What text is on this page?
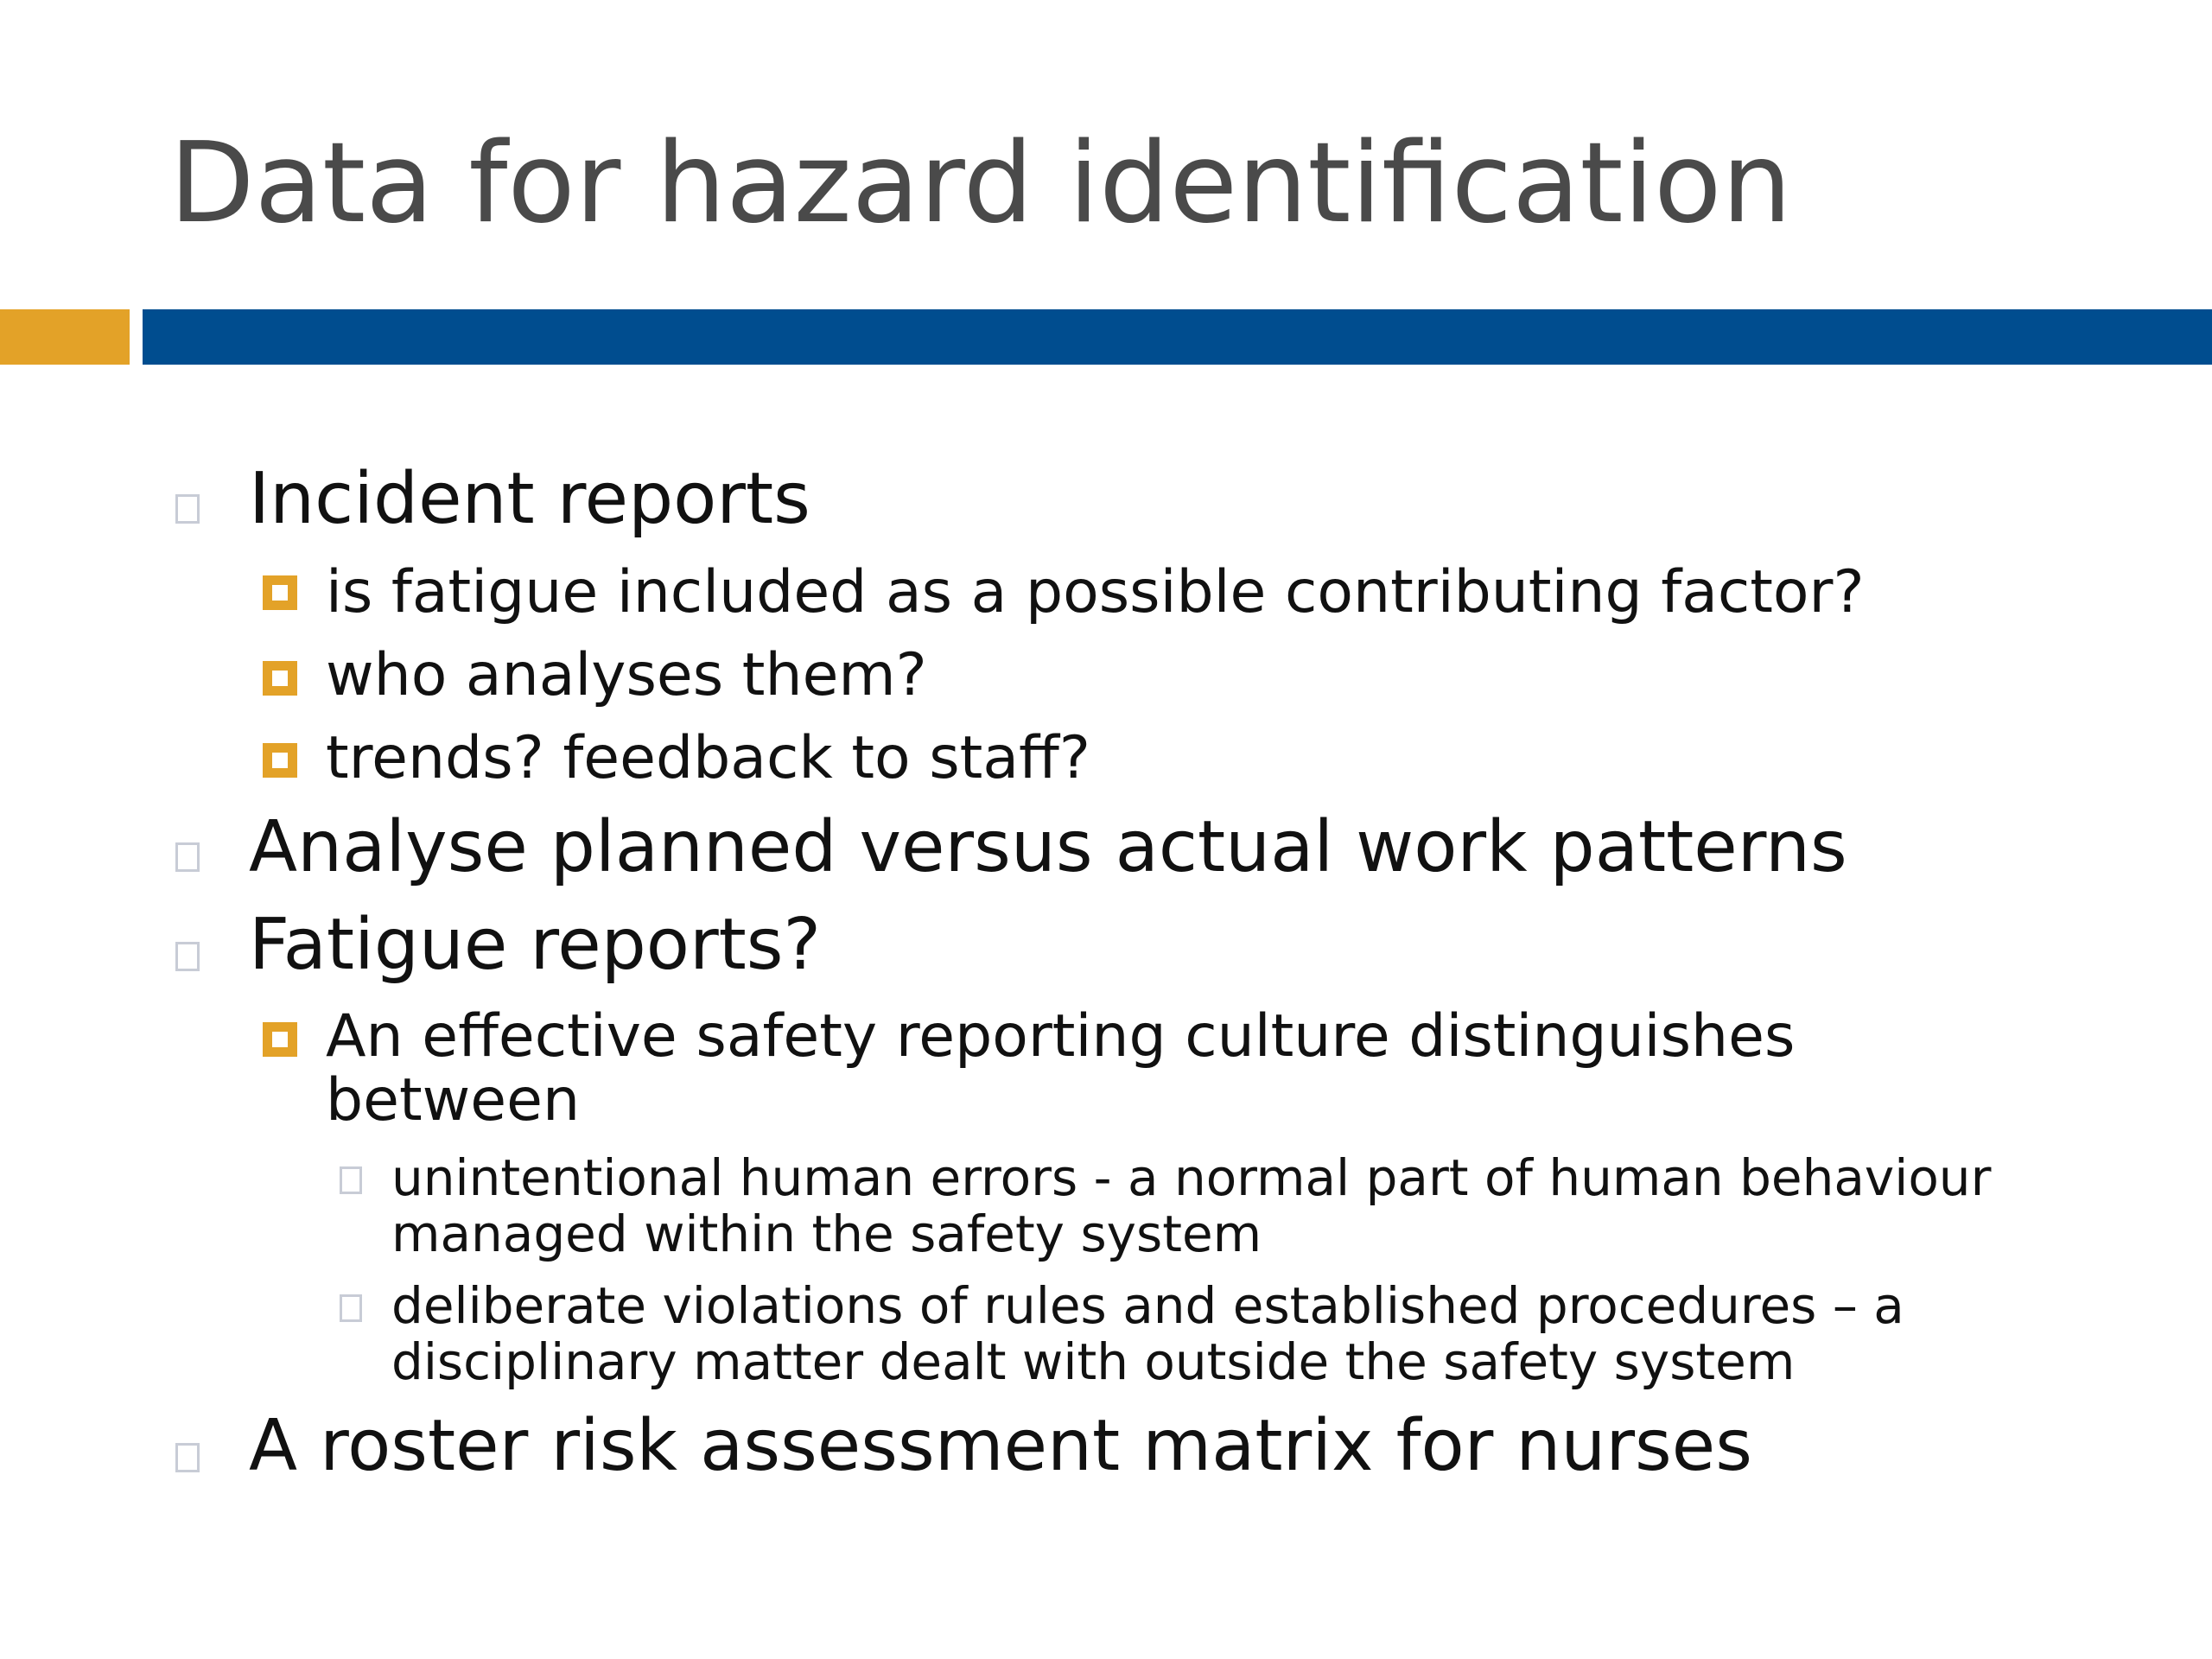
Data for hazard identification

Incident reports

is fatigue included as a possible contributing factor?

who analyses them?

trends? feedback to staff?

Analyse planned versus actual work patterns

Fatigue reports?

An effective safety reporting culture distinguishes

between

unintentional human errors - a normal part of human behaviour

managed within the safety system

deliberate violations of rules and established procedures – a

disciplinary matter dealt with outside the safety system

A roster risk assessment matrix for nurses
